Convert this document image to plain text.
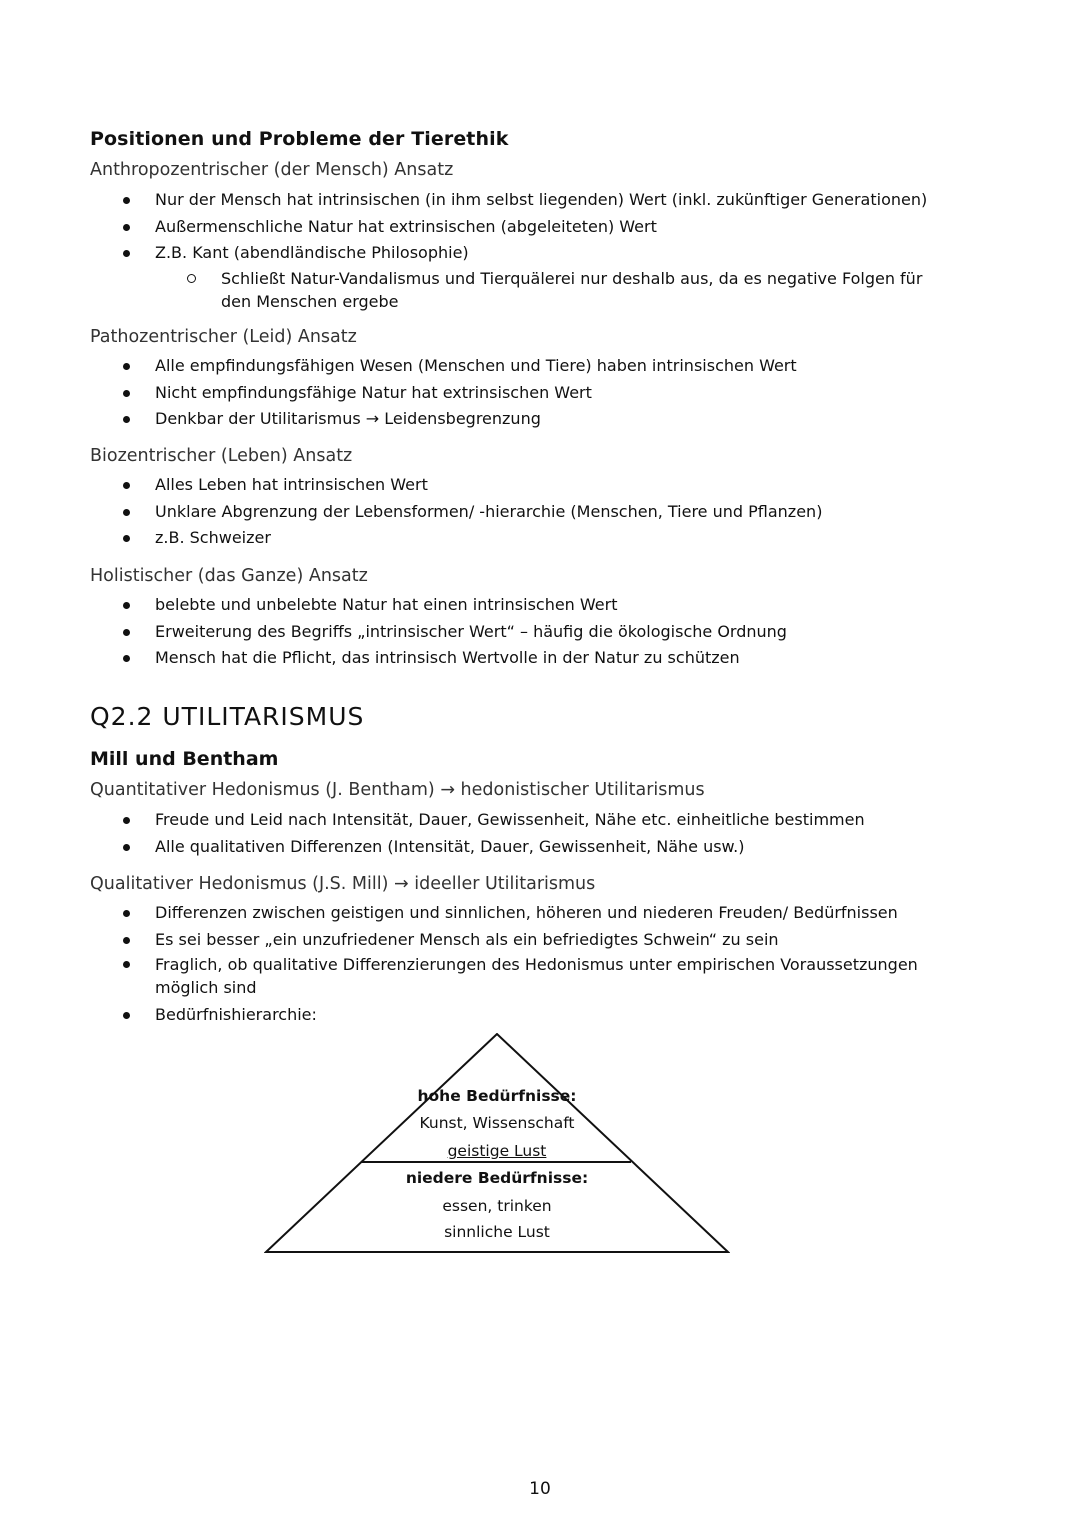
Positionen und Probleme der Tierethik
Anthropozentrischer (der Mensch) Ansatz
Nur der Mensch hat intrinsischen (in ihm selbst liegenden) Wert (inkl. zukünftiger Generationen)
Außermenschliche Natur hat extrinsischen (abgeleiteten) Wert
Z.B. Kant (abendländische Philosophie)
Schließt Natur-Vandalismus und Tierquälerei nur deshalb aus, da es negative Folgen für den Menschen ergebe
Pathozentrischer (Leid) Ansatz
Alle empfindungsfähigen Wesen (Menschen und Tiere) haben intrinsischen Wert
Nicht empfindungsfähige Natur hat extrinsischen Wert
Denkbar der Utilitarismus → Leidensbegrenzung
Biozentrischer (Leben) Ansatz
Alles Leben hat intrinsischen Wert
Unklare Abgrenzung der Lebensformen/ -hierarchie (Menschen, Tiere und Pflanzen)
z.B. Schweizer
Holistischer (das Ganze) Ansatz
belebte und unbelebte Natur hat einen intrinsischen Wert
Erweiterung des Begriffs „intrinsischer Wert“ – häufig die ökologische Ordnung
Mensch hat die Pflicht, das intrinsisch Wertvolle in der Natur zu schützen
Q2.2 UTILITARISMUS
Mill und Bentham
Quantitativer Hedonismus (J. Bentham) → hedonistischer Utilitarismus
Freude und Leid nach Intensität, Dauer, Gewissenheit, Nähe etc. einheitliche bestimmen
Alle qualitativen Differenzen (Intensität, Dauer, Gewissenheit, Nähe usw.)
Qualitativer Hedonismus (J.S. Mill) → ideeller Utilitarismus
Differenzen zwischen geistigen und sinnlichen, höheren und niederen Freuden/ Bedürfnissen
Es sei besser „ein unzufriedener Mensch als ein befriedigtes Schwein“ zu sein
Fraglich, ob qualitative Differenzierungen des Hedonismus unter empirischen Voraussetzungen möglich sind
Bedürfnishierarchie:
hohe Bedürfnisse:
Kunst, Wissenschaft
geistige Lust
niedere Bedürfnisse:
essen, trinken
sinnliche Lust
10
